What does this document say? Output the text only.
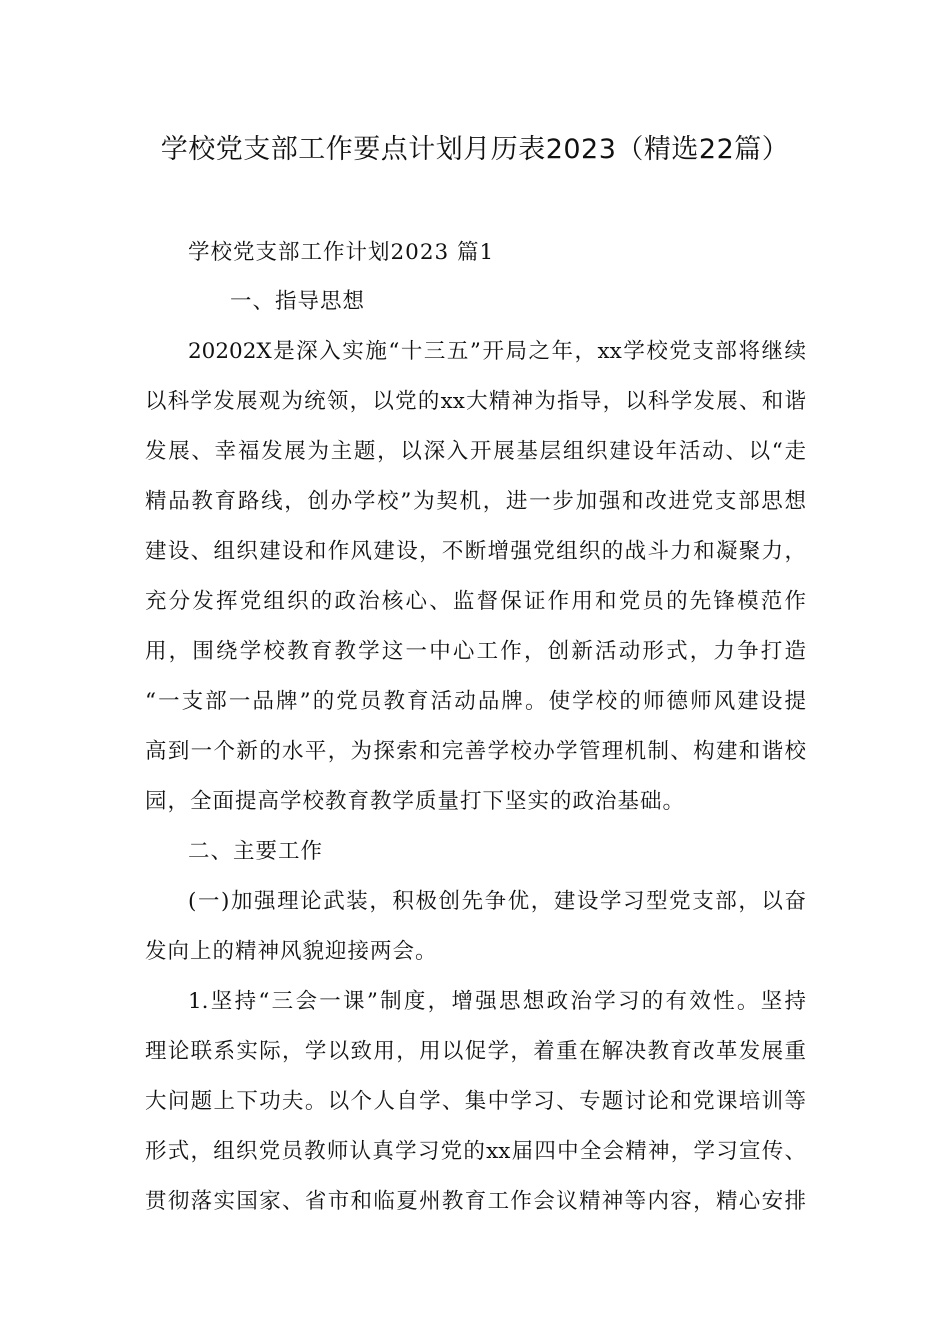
学校党支部工作要点计划月历表2023（精选22篇）
学校党支部工作计划2023 篇1
一、指导思想
20202X是深入实施“十三五”开局之年，xx学校党支部将继续
以科学发展观为统领，以党的xx大精神为指导，以科学发展、和谐
发展、幸福发展为主题，以深入开展基层组织建设年活动、以“走
精品教育路线，创办学校”为契机，进一步加强和改进党支部思想
建设、组织建设和作风建设，不断增强党组织的战斗力和凝聚力，
充分发挥党组织的政治核心、监督保证作用和党员的先锋模范作
用，围绕学校教育教学这一中心工作，创新活动形式，力争打造
“一支部一品牌”的党员教育活动品牌。使学校的师德师风建设提
高到一个新的水平，为探索和完善学校办学管理机制、构建和谐校
园，全面提高学校教育教学质量打下坚实的政治基础。
二、主要工作
(一)加强理论武装，积极创先争优，建设学习型党支部，以奋
发向上的精神风貌迎接两会。
1.坚持“三会一课”制度，增强思想政治学习的有效性。坚持
理论联系实际，学以致用，用以促学，着重在解决教育改革发展重
大问题上下功夫。以个人自学、集中学习、专题讨论和党课培训等
形式，组织党员教师认真学习党的xx届四中全会精神，学习宣传、
贯彻落实国家、省市和临夏州教育工作会议精神等内容，精心安排
